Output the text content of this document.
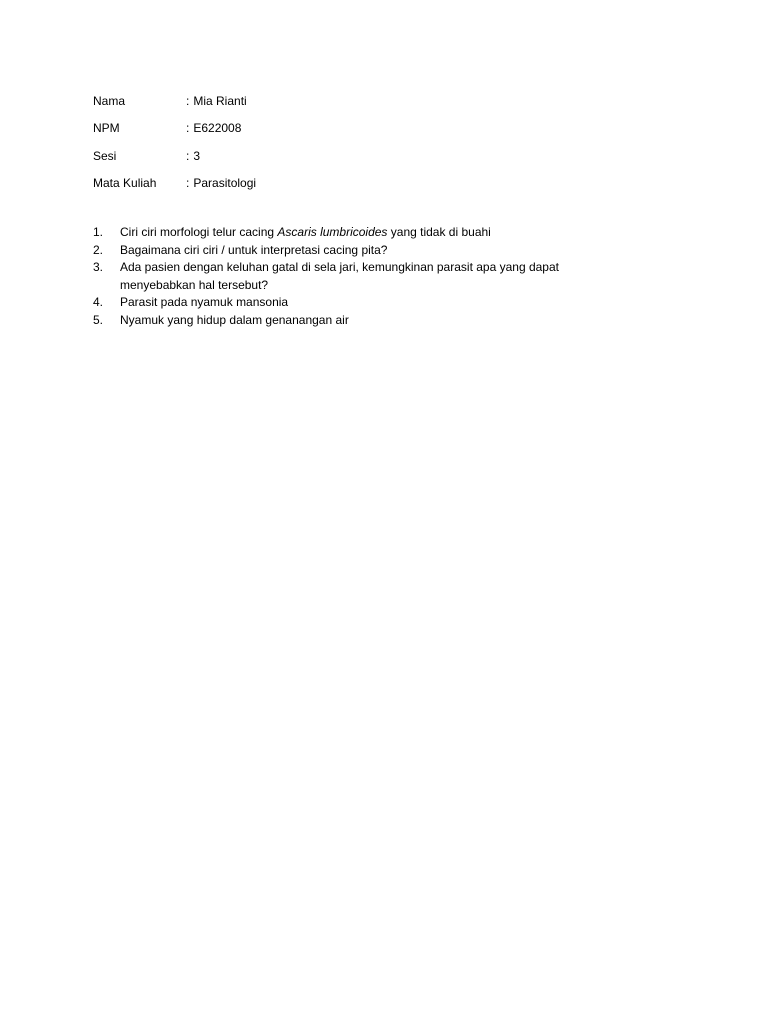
Nama	: Mia Rianti
NPM	: E622008
Sesi	: 3
Mata Kuliah	: Parasitologi
1.	Ciri ciri morfologi telur cacing Ascaris lumbricoides yang tidak di buahi
2.	Bagaimana ciri ciri / untuk interpretasi cacing pita?
3.	Ada pasien dengan keluhan gatal di sela jari, kemungkinan parasit apa yang dapat menyebabkan hal tersebut?
4.	Parasit pada nyamuk mansonia
5.	Nyamuk yang hidup dalam genanangan air
